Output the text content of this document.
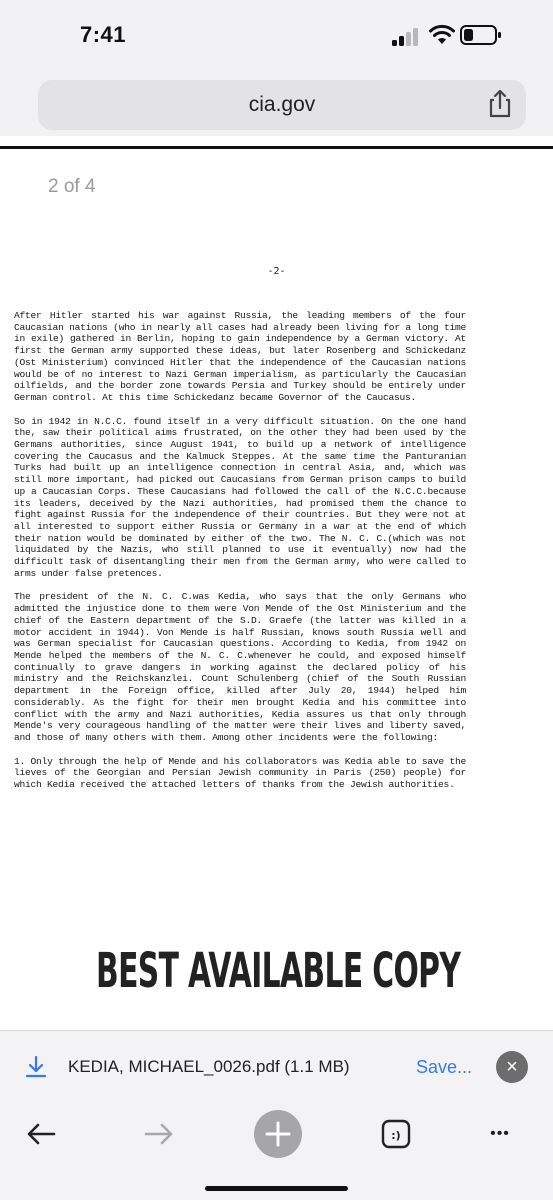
7:41
cia.gov
2 of 4
-2-

After Hitler started his war against Russia, the leading members of the four Caucasian nations (who in nearly all cases had already been living for a long time in exile) gathered in Berlin, hoping to gain independence by a German victory. At first the German army supported these ideas, but later Rosenberg and Schickedanz (Ost Ministerium) convinced Hitler that the independence of the Caucasian nations would be of no interest to Nazi German imperialism, as particularly the Caucasian oilfields, and the border zone towards Persia and Turkey should be entirely under German control. At this time Schickedanz became Governor of the Caucasus.

So in 1942 in N.C.C. found itself in a very difficult situation. On the one hand the, saw their political aims frustrated, on the other they had been used by the Germans authorities, since August 1941, to build up a network of intelligence covering the Caucasus and the Kalmuck Steppes. At the same time the Panturanian Turks had built up an intelligence connection in central Asia, and, which was still more important, had picked out Caucasians from German prison camps to build up a Caucasian Corps. These Caucasians had followed the call of the N.C.C.because its leaders, deceived by the Nazi authorities, had promised them the chance to fight against Russia for the independence of their countries. But they were not at all interested to support either Russia or Germany in a war at the end of which their nation would be dominated by either of the two. The N. C. C.(which was not liquidated by the Nazis, who still planned to use it eventually) now had the difficult task of disentangling their men from the German army, who were called to arms under false pretences.

The president of the N. C. C.was Kedia, who says that the only Germans who admitted the injustice done to them were Von Mende of the Ost Ministerium and the chief of the Eastern department of the S.D. Graefe (the latter was killed in a motor accident in 1944). Von Mende is half Russian, knows south Russia well and was German specialist for Caucasian questions. According to Kedia, from 1942 on Mende helped the members of the N. C. C.whenever he could, and exposed himself continually to grave dangers in working against the declared policy of his ministry and the Reichskanzlei. Count Schulenberg (chief of the South Russian department in the Foreign office, killed after July 20, 1944) helped him considerably. As the fight for their men brought Kedia and his committee into conflict with the army and Nazi authorities, Kedia assures us that only through Mende's very courageous handling of the matter were their lives and liberty saved, and those of many others with them. Among other incidents were the following:

1. Only through the help of Mende and his collaborators was Kedia able to save the lieves of the Georgian and Persian Jewish community in Paris (250) people) for which Kedia received the attached letters of thanks from the Jewish authorities.

BEST AVAILABLE COPY
KEDIA, MICHAEL_0026.pdf (1.1 MB)	Save...	×
:)	•••
